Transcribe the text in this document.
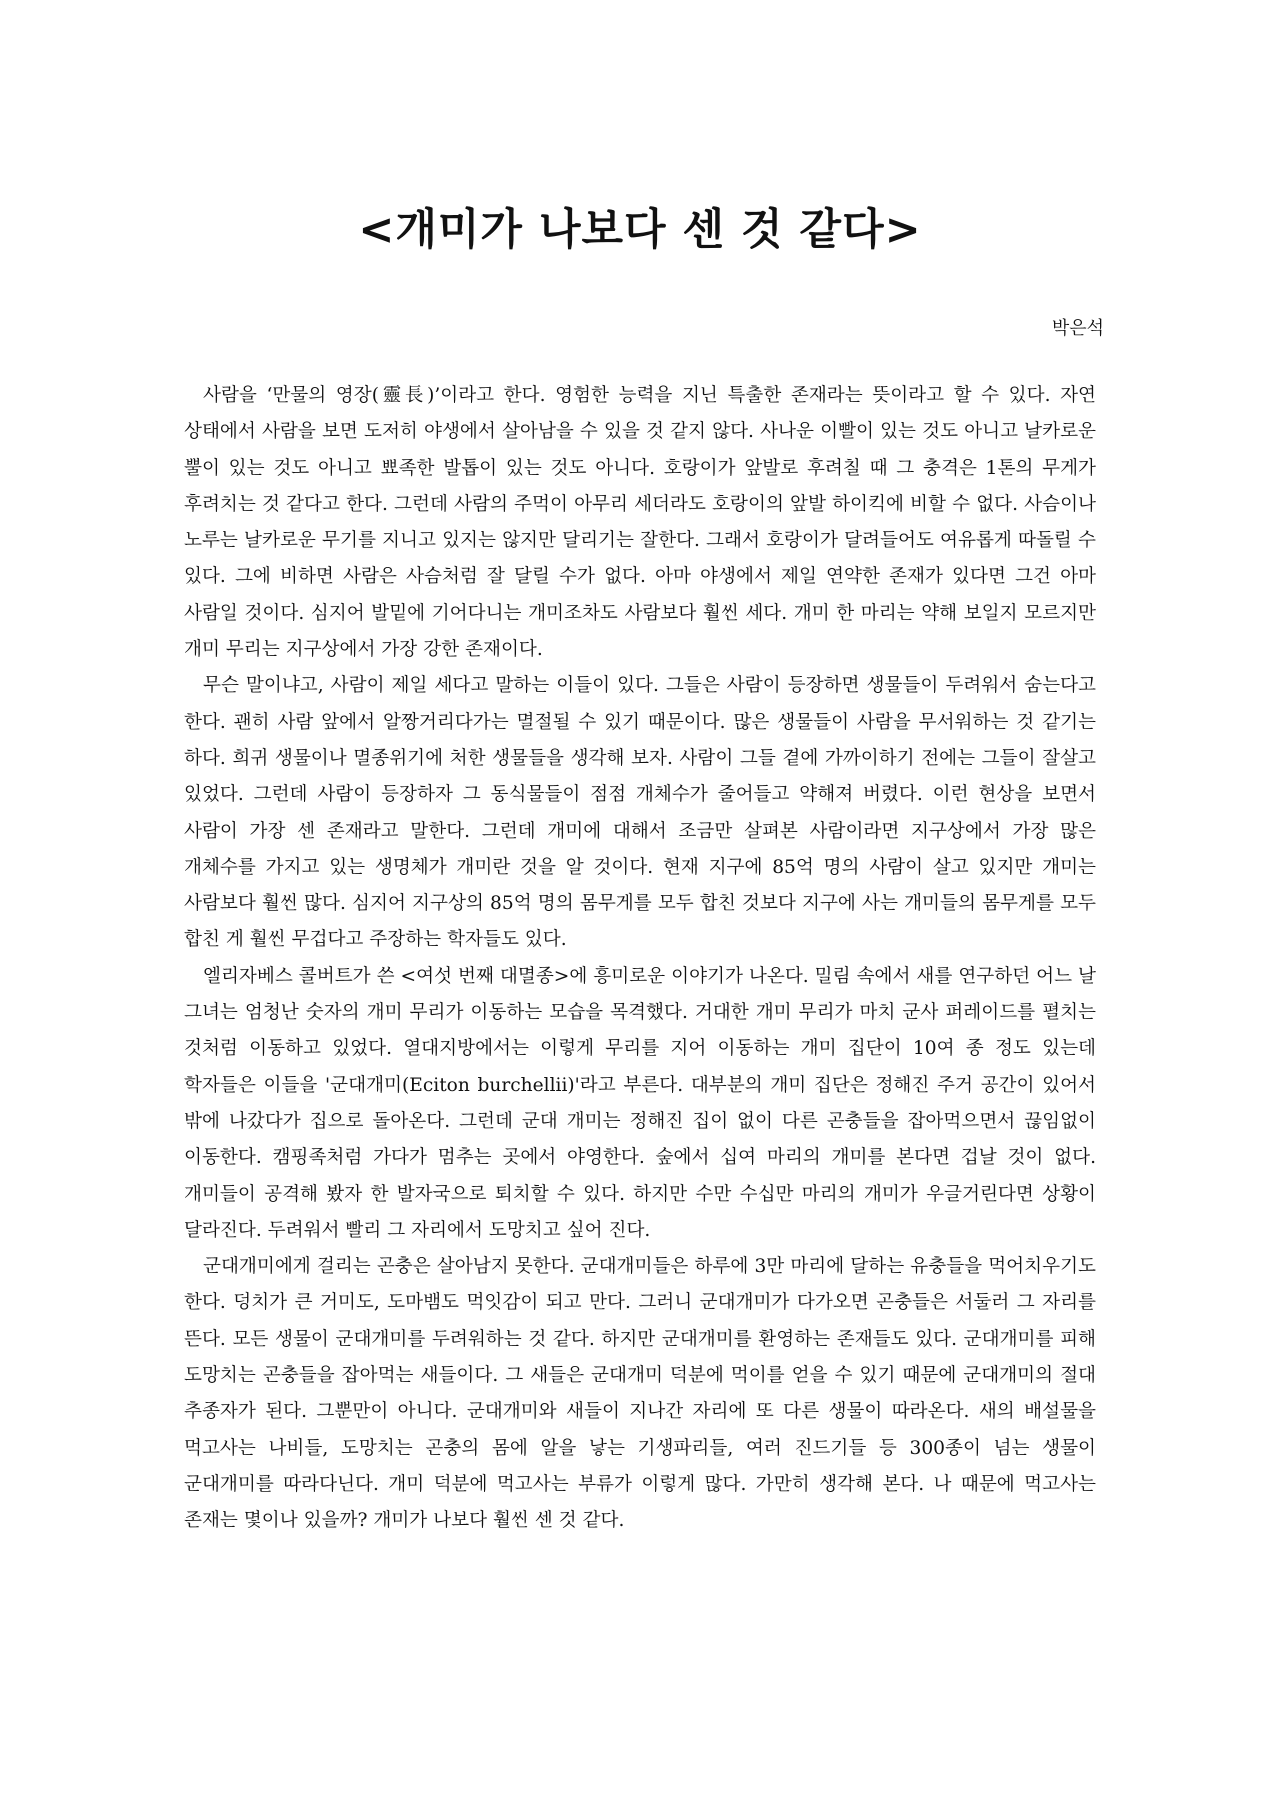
<개미가 나보다 센 것 같다>
박은석

사람을 ‘만물의 영장(靈長)’이라고 한다. 영험한 능력을 지닌 특출한 존재라는 뜻이라고 할 수 있다. 자연 상태에서 사람을 보면 도저히 야생에서 살아남을 수 있을 것 같지 않다. 사나운 이빨이 있는 것도 아니고 날카로운 뿔이 있는 것도 아니고 뾰족한 발톱이 있는 것도 아니다. 호랑이가 앞발로 후려칠 때 그 충격은 1톤의 무게가 후려치는 것 같다고 한다. 그런데 사람의 주먹이 아무리 세더라도 호랑이의 앞발 하이킥에 비할 수 없다. 사슴이나 노루는 날카로운 무기를 지니고 있지는 않지만 달리기는 잘한다. 그래서 호랑이가 달려들어도 여유롭게 따돌릴 수 있다. 그에 비하면 사람은 사슴처럼 잘 달릴 수가 없다. 아마 야생에서 제일 연약한 존재가 있다면 그건 아마 사람일 것이다. 심지어 발밑에 기어다니는 개미조차도 사람보다 훨씬 세다. 개미 한 마리는 약해 보일지 모르지만 개미 무리는 지구상에서 가장 강한 존재이다.

무슨 말이냐고, 사람이 제일 세다고 말하는 이들이 있다. 그들은 사람이 등장하면 생물들이 두려워서 숨는다고 한다. 괜히 사람 앞에서 알짱거리다가는 멸절될 수 있기 때문이다. 많은 생물들이 사람을 무서워하는 것 같기는 하다. 희귀 생물이나 멸종위기에 처한 생물들을 생각해 보자. 사람이 그들 곁에 가까이하기 전에는 그들이 잘살고 있었다. 그런데 사람이 등장하자 그 동식물들이 점점 개체수가 줄어들고 약해져 버렸다. 이런 현상을 보면서 사람이 가장 센 존재라고 말한다. 그런데 개미에 대해서 조금만 살펴본 사람이라면 지구상에서 가장 많은 개체수를 가지고 있는 생명체가 개미란 것을 알 것이다. 현재 지구에 85억 명의 사람이 살고 있지만 개미는 사람보다 훨씬 많다. 심지어 지구상의 85억 명의 몸무게를 모두 합친 것보다 지구에 사는 개미들의 몸무게를 모두 합친 게 훨씬 무겁다고 주장하는 학자들도 있다.

엘리자베스 콜버트가 쓴 <여섯 번째 대멸종>에 흥미로운 이야기가 나온다. 밀림 속에서 새를 연구하던 어느 날 그녀는 엄청난 숫자의 개미 무리가 이동하는 모습을 목격했다. 거대한 개미 무리가 마치 군사 퍼레이드를 펼치는 것처럼 이동하고 있었다. 열대지방에서는 이렇게 무리를 지어 이동하는 개미 집단이 10여 종 정도 있는데 학자들은 이들을 '군대개미(Eciton burchellii)'라고 부른다. 대부분의 개미 집단은 정해진 주거 공간이 있어서 밖에 나갔다가 집으로 돌아온다. 그런데 군대 개미는 정해진 집이 없이 다른 곤충들을 잡아먹으면서 끊임없이 이동한다. 캠핑족처럼 가다가 멈추는 곳에서 야영한다. 숲에서 십여 마리의 개미를 본다면 겁날 것이 없다. 개미들이 공격해 봤자 한 발자국으로 퇴치할 수 있다. 하지만 수만 수십만 마리의 개미가 우글거린다면 상황이 달라진다. 두려워서 빨리 그 자리에서 도망치고 싶어 진다.

군대개미에게 걸리는 곤충은 살아남지 못한다. 군대개미들은 하루에 3만 마리에 달하는 유충들을 먹어치우기도 한다. 덩치가 큰 거미도, 도마뱀도 먹잇감이 되고 만다. 그러니 군대개미가 다가오면 곤충들은 서둘러 그 자리를 뜬다. 모든 생물이 군대개미를 두려워하는 것 같다. 하지만 군대개미를 환영하는 존재들도 있다. 군대개미를 피해 도망치는 곤충들을 잡아먹는 새들이다. 그 새들은 군대개미 덕분에 먹이를 얻을 수 있기 때문에 군대개미의 절대 추종자가 된다. 그뿐만이 아니다. 군대개미와 새들이 지나간 자리에 또 다른 생물이 따라온다. 새의 배설물을 먹고사는 나비들, 도망치는 곤충의 몸에 알을 낳는 기생파리들, 여러 진드기들 등 300종이 넘는 생물이 군대개미를 따라다닌다. 개미 덕분에 먹고사는 부류가 이렇게 많다. 가만히 생각해 본다. 나 때문에 먹고사는 존재는 몇이나 있을까? 개미가 나보다 훨씬 센 것 같다.
